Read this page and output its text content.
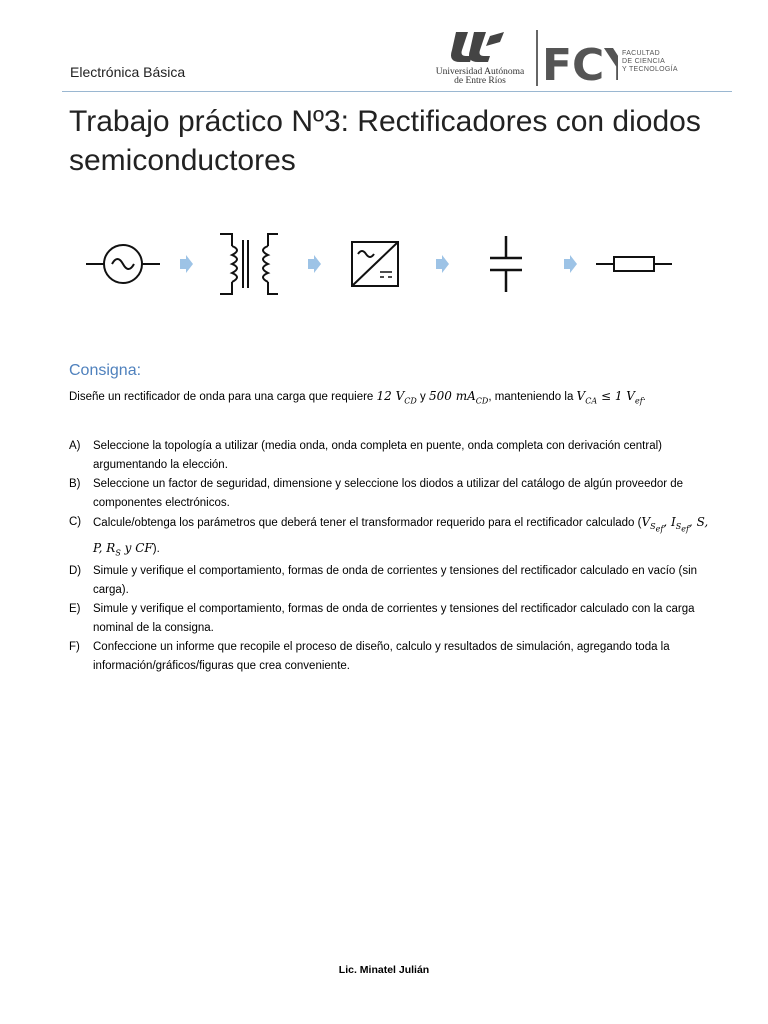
Electrónica Básica	Universidad Autónoma
de Entre Ríos FC	FACULTAD
DE CIENCIA
Y TECNOLOGÍA
Trabajo práctico Nº3: Rectificadores con diodos semiconductores
Consigna:

Diseñe un rectificador de onda para una carga que requiere 12 $V_{CD}$ y 500 $mA_{CD}$, manteniendo la $V_{CA} \le 1$ $V_{ef}$.

A) Seleccione la topología a utilizar (media onda, onda completa en puente, onda completa con derivación central) argumentando la elección.
B) Seleccione un factor de seguridad, dimensione y seleccione los diodos a utilizar del catálogo de algún proveedor de componentes electrónicos.
C) Calcule/obtenga los parámetros que deberá tener el transformador requerido para el rectificador calculado ($V_{S_{ef}}$, $I_{S_{ef}}$, S, P, $R_S$ y CF).
D) Simule y verifique el comportamiento, formas de onda de corrientes y tensiones del rectificador calculado en vacío (sin carga).
E) Simule y verifique el comportamiento, formas de onda de corrientes y tensiones del rectificador calculado con la carga nominal de la consigna.
F) Confeccione un informe que recopile el proceso de diseño, calculo y resultados de simulación, agregando toda la información/gráficos/figuras que crea conveniente.
Lic. Minatel Julián
